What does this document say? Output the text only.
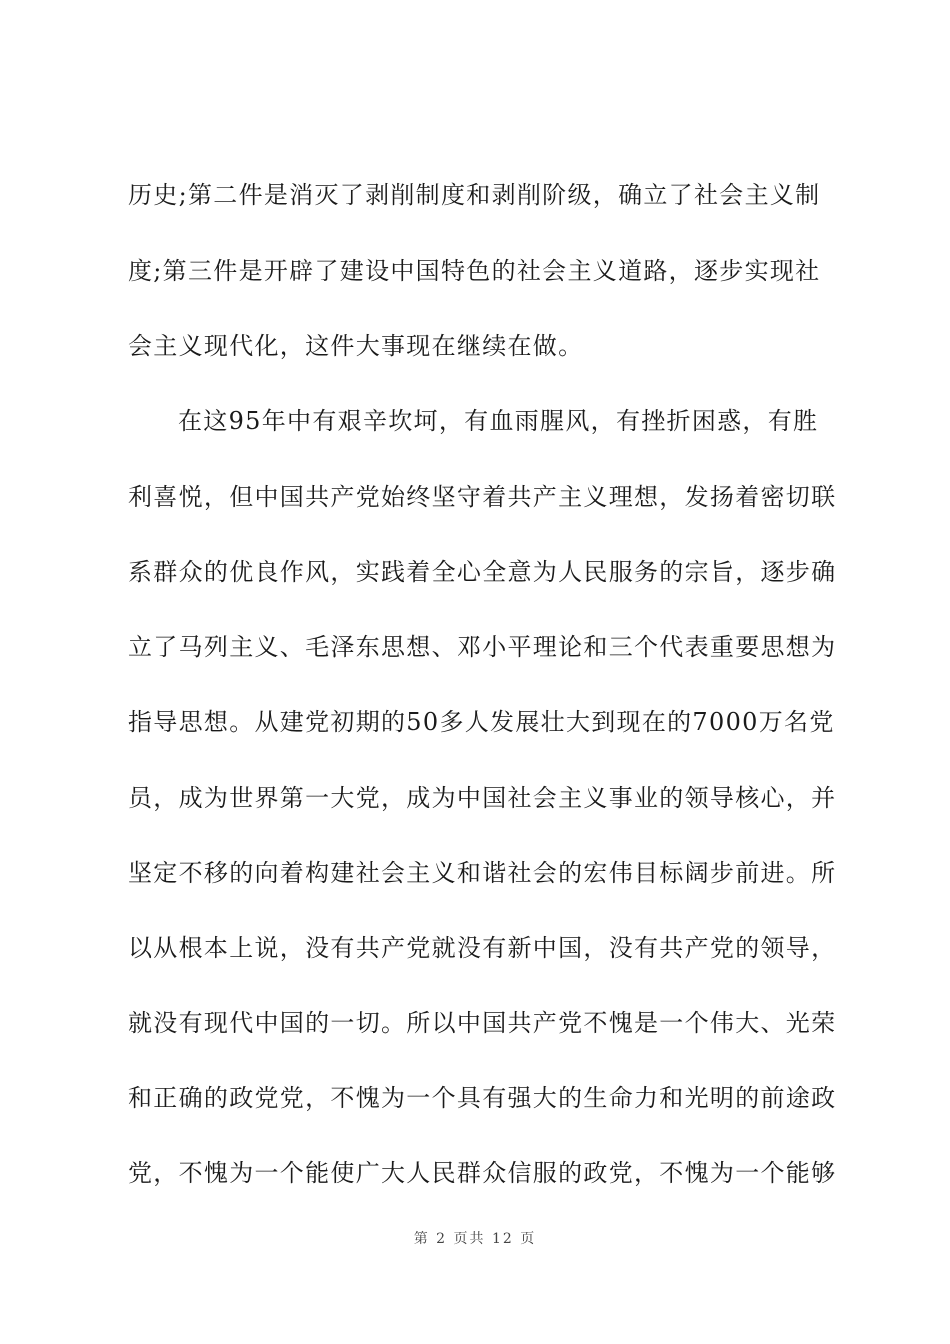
历史;第二件是消灭了剥削制度和剥削阶级，确立了社会主义制
度;第三件是开辟了建设中国特色的社会主义道路，逐步实现社
会主义现代化，这件大事现在继续在做。
在这95年中有艰辛坎坷，有血雨腥风，有挫折困惑，有胜
利喜悦，但中国共产党始终坚守着共产主义理想，发扬着密切联
系群众的优良作风，实践着全心全意为人民服务的宗旨，逐步确
立了马列主义、毛泽东思想、邓小平理论和三个代表重要思想为
指导思想。从建党初期的50多人发展壮大到现在的7000万名党
员，成为世界第一大党，成为中国社会主义事业的领导核心，并
坚定不移的向着构建社会主义和谐社会的宏伟目标阔步前进。所
以从根本上说，没有共产党就没有新中国，没有共产党的领导，
就没有现代中国的一切。所以中国共产党不愧是一个伟大、光荣
和正确的政党党，不愧为一个具有强大的生命力和光明的前途政
党，不愧为一个能使广大人民群众信服的政党，不愧为一个能够
第 2 页共 12 页
